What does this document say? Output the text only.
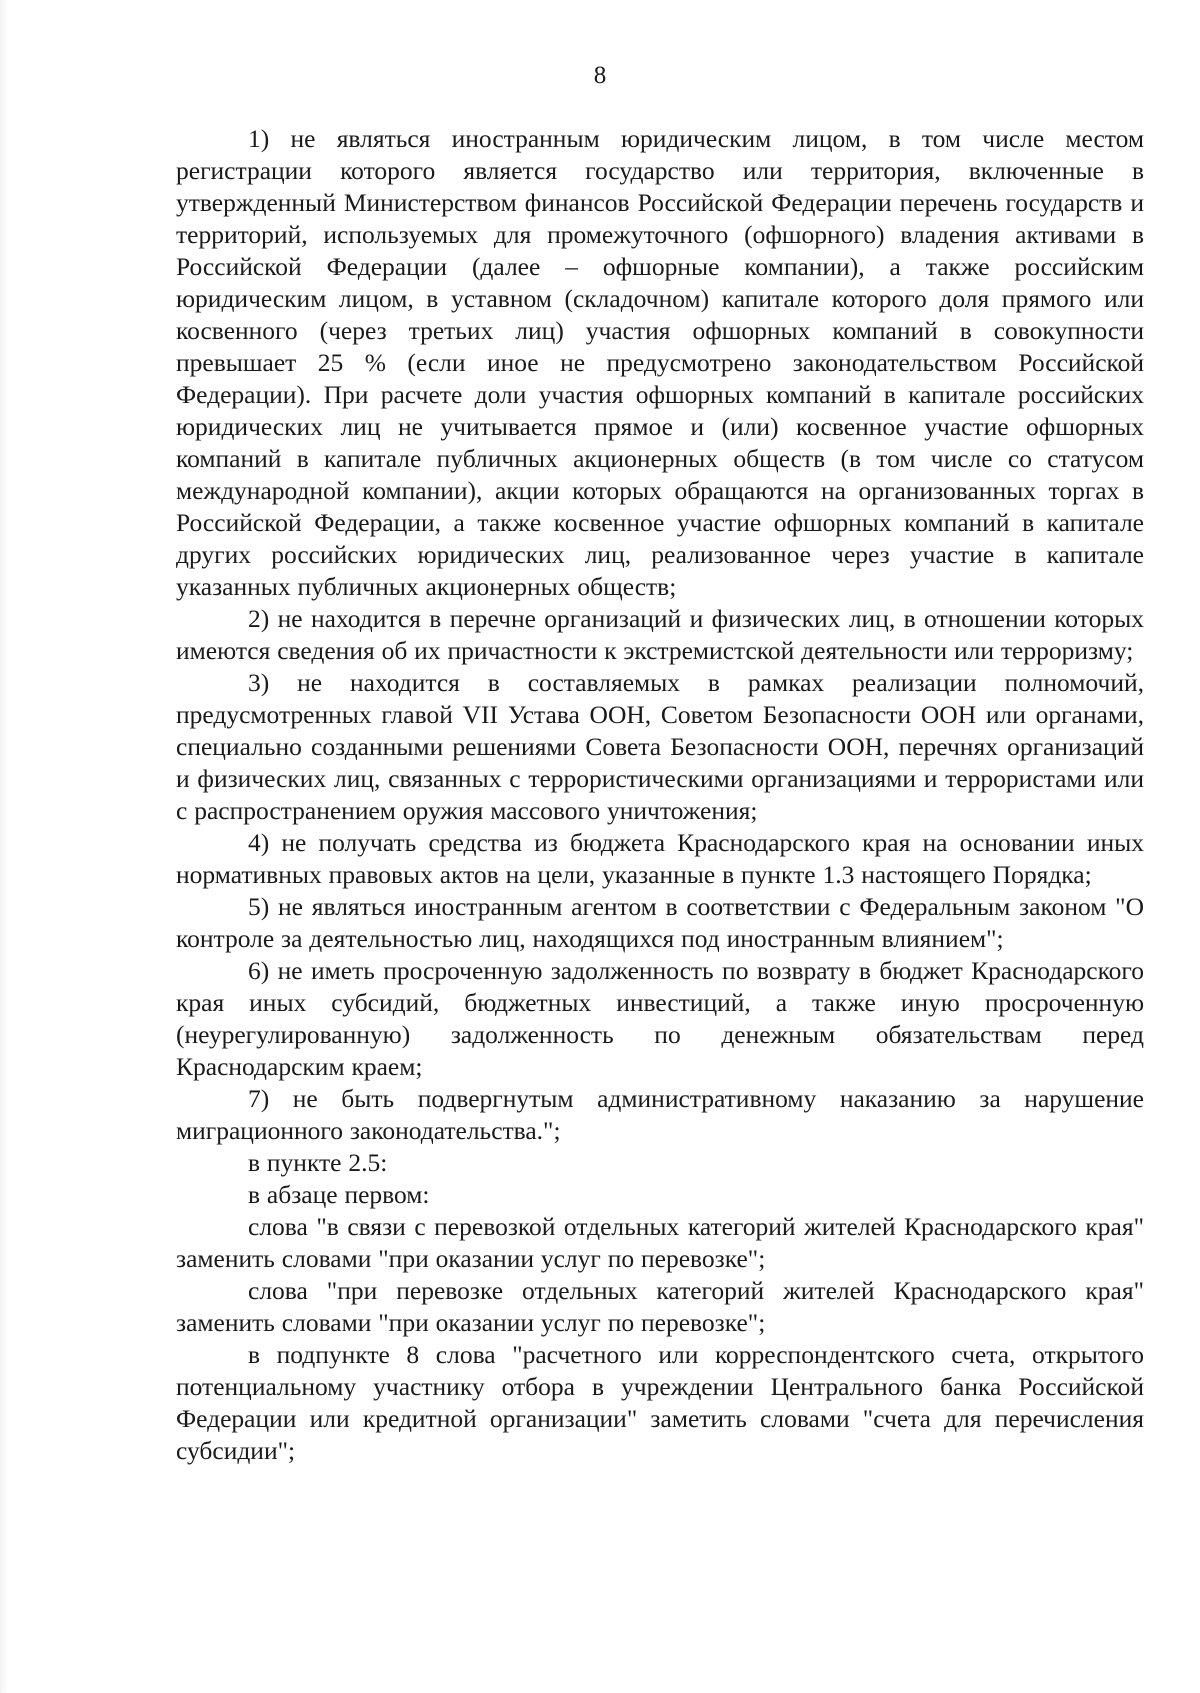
8

1) не являться иностранным юридическим лицом, в том числе местом регистрации которого является государство или территория, включенные в утвержденный Министерством финансов Российской Федерации перечень государств и территорий, используемых для промежуточного (офшорного) владения активами в Российской Федерации (далее – офшорные компании), а также российским юридическим лицом, в уставном (складочном) капитале которого доля прямого или косвенного (через третьих лиц) участия офшорных компаний в совокупности превышает 25 % (если иное не предусмотрено законодательством Российской Федерации). При расчете доли участия офшорных компаний в капитале российских юридических лиц не учитывается прямое и (или) косвенное участие офшорных компаний в капитале публичных акционерных обществ (в том числе со статусом международной компании), акции которых обращаются на организованных торгах в Российской Федерации, а также косвенное участие офшорных компаний в капитале других российских юридических лиц, реализованное через участие в капитале указанных публичных акционерных обществ;

2) не находится в перечне организаций и физических лиц, в отношении которых имеются сведения об их причастности к экстремистской деятельности или терроризму;

3) не находится в составляемых в рамках реализации полномочий, предусмотренных главой VII Устава ООН, Советом Безопасности ООН или органами, специально созданными решениями Совета Безопасности ООН, перечнях организаций и физических лиц, связанных с террористическими организациями и террористами или с распространением оружия массового уничтожения;

4) не получать средства из бюджета Краснодарского края на основании иных нормативных правовых актов на цели, указанные в пункте 1.3 настоящего Порядка;

5) не являться иностранным агентом в соответствии с Федеральным законом "О контроле за деятельностью лиц, находящихся под иностранным влиянием";

6) не иметь просроченную задолженность по возврату в бюджет Краснодарского края иных субсидий, бюджетных инвестиций, а также иную просроченную (неурегулированную) задолженность по денежным обязательствам перед Краснодарским краем;

7) не быть подвергнутым административному наказанию за нарушение миграционного законодательства.";

в пункте 2.5:

в абзаце первом:

слова "в связи с перевозкой отдельных категорий жителей Краснодарского края" заменить словами "при оказании услуг по перевозке";

слова "при перевозке отдельных категорий жителей Краснодарского края" заменить словами "при оказании услуг по перевозке";

в подпункте 8 слова "расчетного или корреспондентского счета, открытого потенциальному участнику отбора в учреждении Центрального банка Российской Федерации или кредитной организации" заметить словами "счета для перечисления субсидии";
